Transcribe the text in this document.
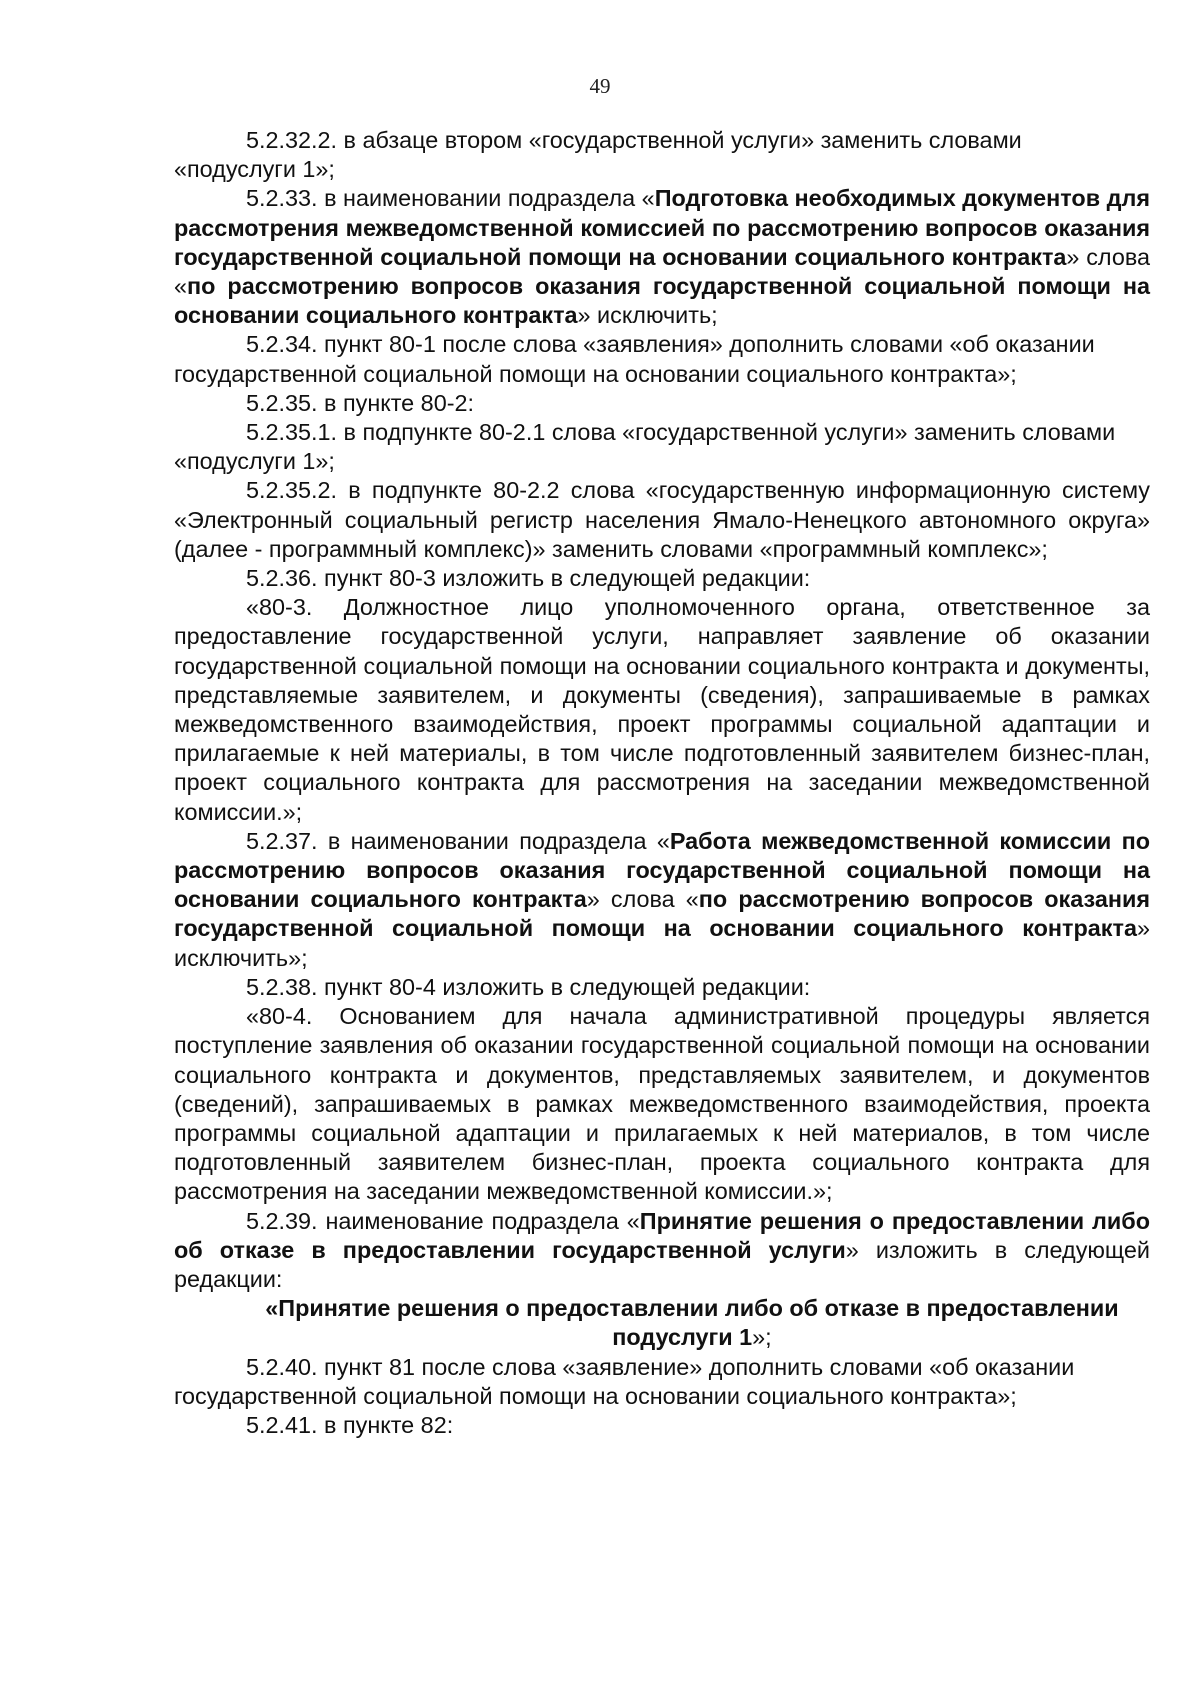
49

5.2.32.2. в абзаце втором «государственной услуги» заменить словами «подуслуги 1»;

5.2.33. в наименовании подраздела «Подготовка необходимых документов для рассмотрения межведомственной комиссией по рассмотрению вопросов оказания государственной социальной помощи на основании социального контракта» слова «по рассмотрению вопросов оказания государственной социальной помощи на основании социального контракта» исключить;

5.2.34. пункт 80-1 после слова «заявления» дополнить словами «об оказании государственной социальной помощи на основании социального контракта»;

5.2.35. в пункте 80-2:

5.2.35.1. в подпункте 80-2.1 слова «государственной услуги» заменить словами «подуслуги 1»;

5.2.35.2. в подпункте 80-2.2 слова «государственную информационную систему «Электронный социальный регистр населения Ямало-Ненецкого автономного округа» (далее - программный комплекс)» заменить словами «программный комплекс»;

5.2.36. пункт 80-3 изложить в следующей редакции:

«80-3. Должностное лицо уполномоченного органа, ответственное за предоставление государственной услуги, направляет заявление об оказании государственной социальной помощи на основании социального контракта и документы, представляемые заявителем, и документы (сведения), запрашиваемые в рамках межведомственного взаимодействия, проект программы социальной адаптации и прилагаемые к ней материалы, в том числе подготовленный заявителем бизнес-план, проект социального контракта для рассмотрения на заседании межведомственной комиссии.»;

5.2.37. в наименовании подраздела «Работа межведомственной комиссии по рассмотрению вопросов оказания государственной социальной помощи на основании социального контракта» слова «по рассмотрению вопросов оказания государственной социальной помощи на основании социального контракта» исключить»;

5.2.38. пункт 80-4 изложить в следующей редакции:

«80-4. Основанием для начала административной процедуры является поступление заявления об оказании государственной социальной помощи на основании социального контракта и документов, представляемых заявителем, и документов (сведений), запрашиваемых в рамках межведомственного взаимодействия, проекта программы социальной адаптации и прилагаемых к ней материалов, в том числе подготовленный заявителем бизнес-план, проекта социального контракта для рассмотрения на заседании межведомственной комиссии.»;

5.2.39. наименование подраздела «Принятие решения о предоставлении либо об отказе в предоставлении государственной услуги» изложить в следующей редакции:

«Принятие решения о предоставлении либо об отказе в предоставлении подуслуги 1»;

5.2.40. пункт 81 после слова «заявление» дополнить словами «об оказании государственной социальной помощи на основании социального контракта»;

5.2.41. в пункте 82:
